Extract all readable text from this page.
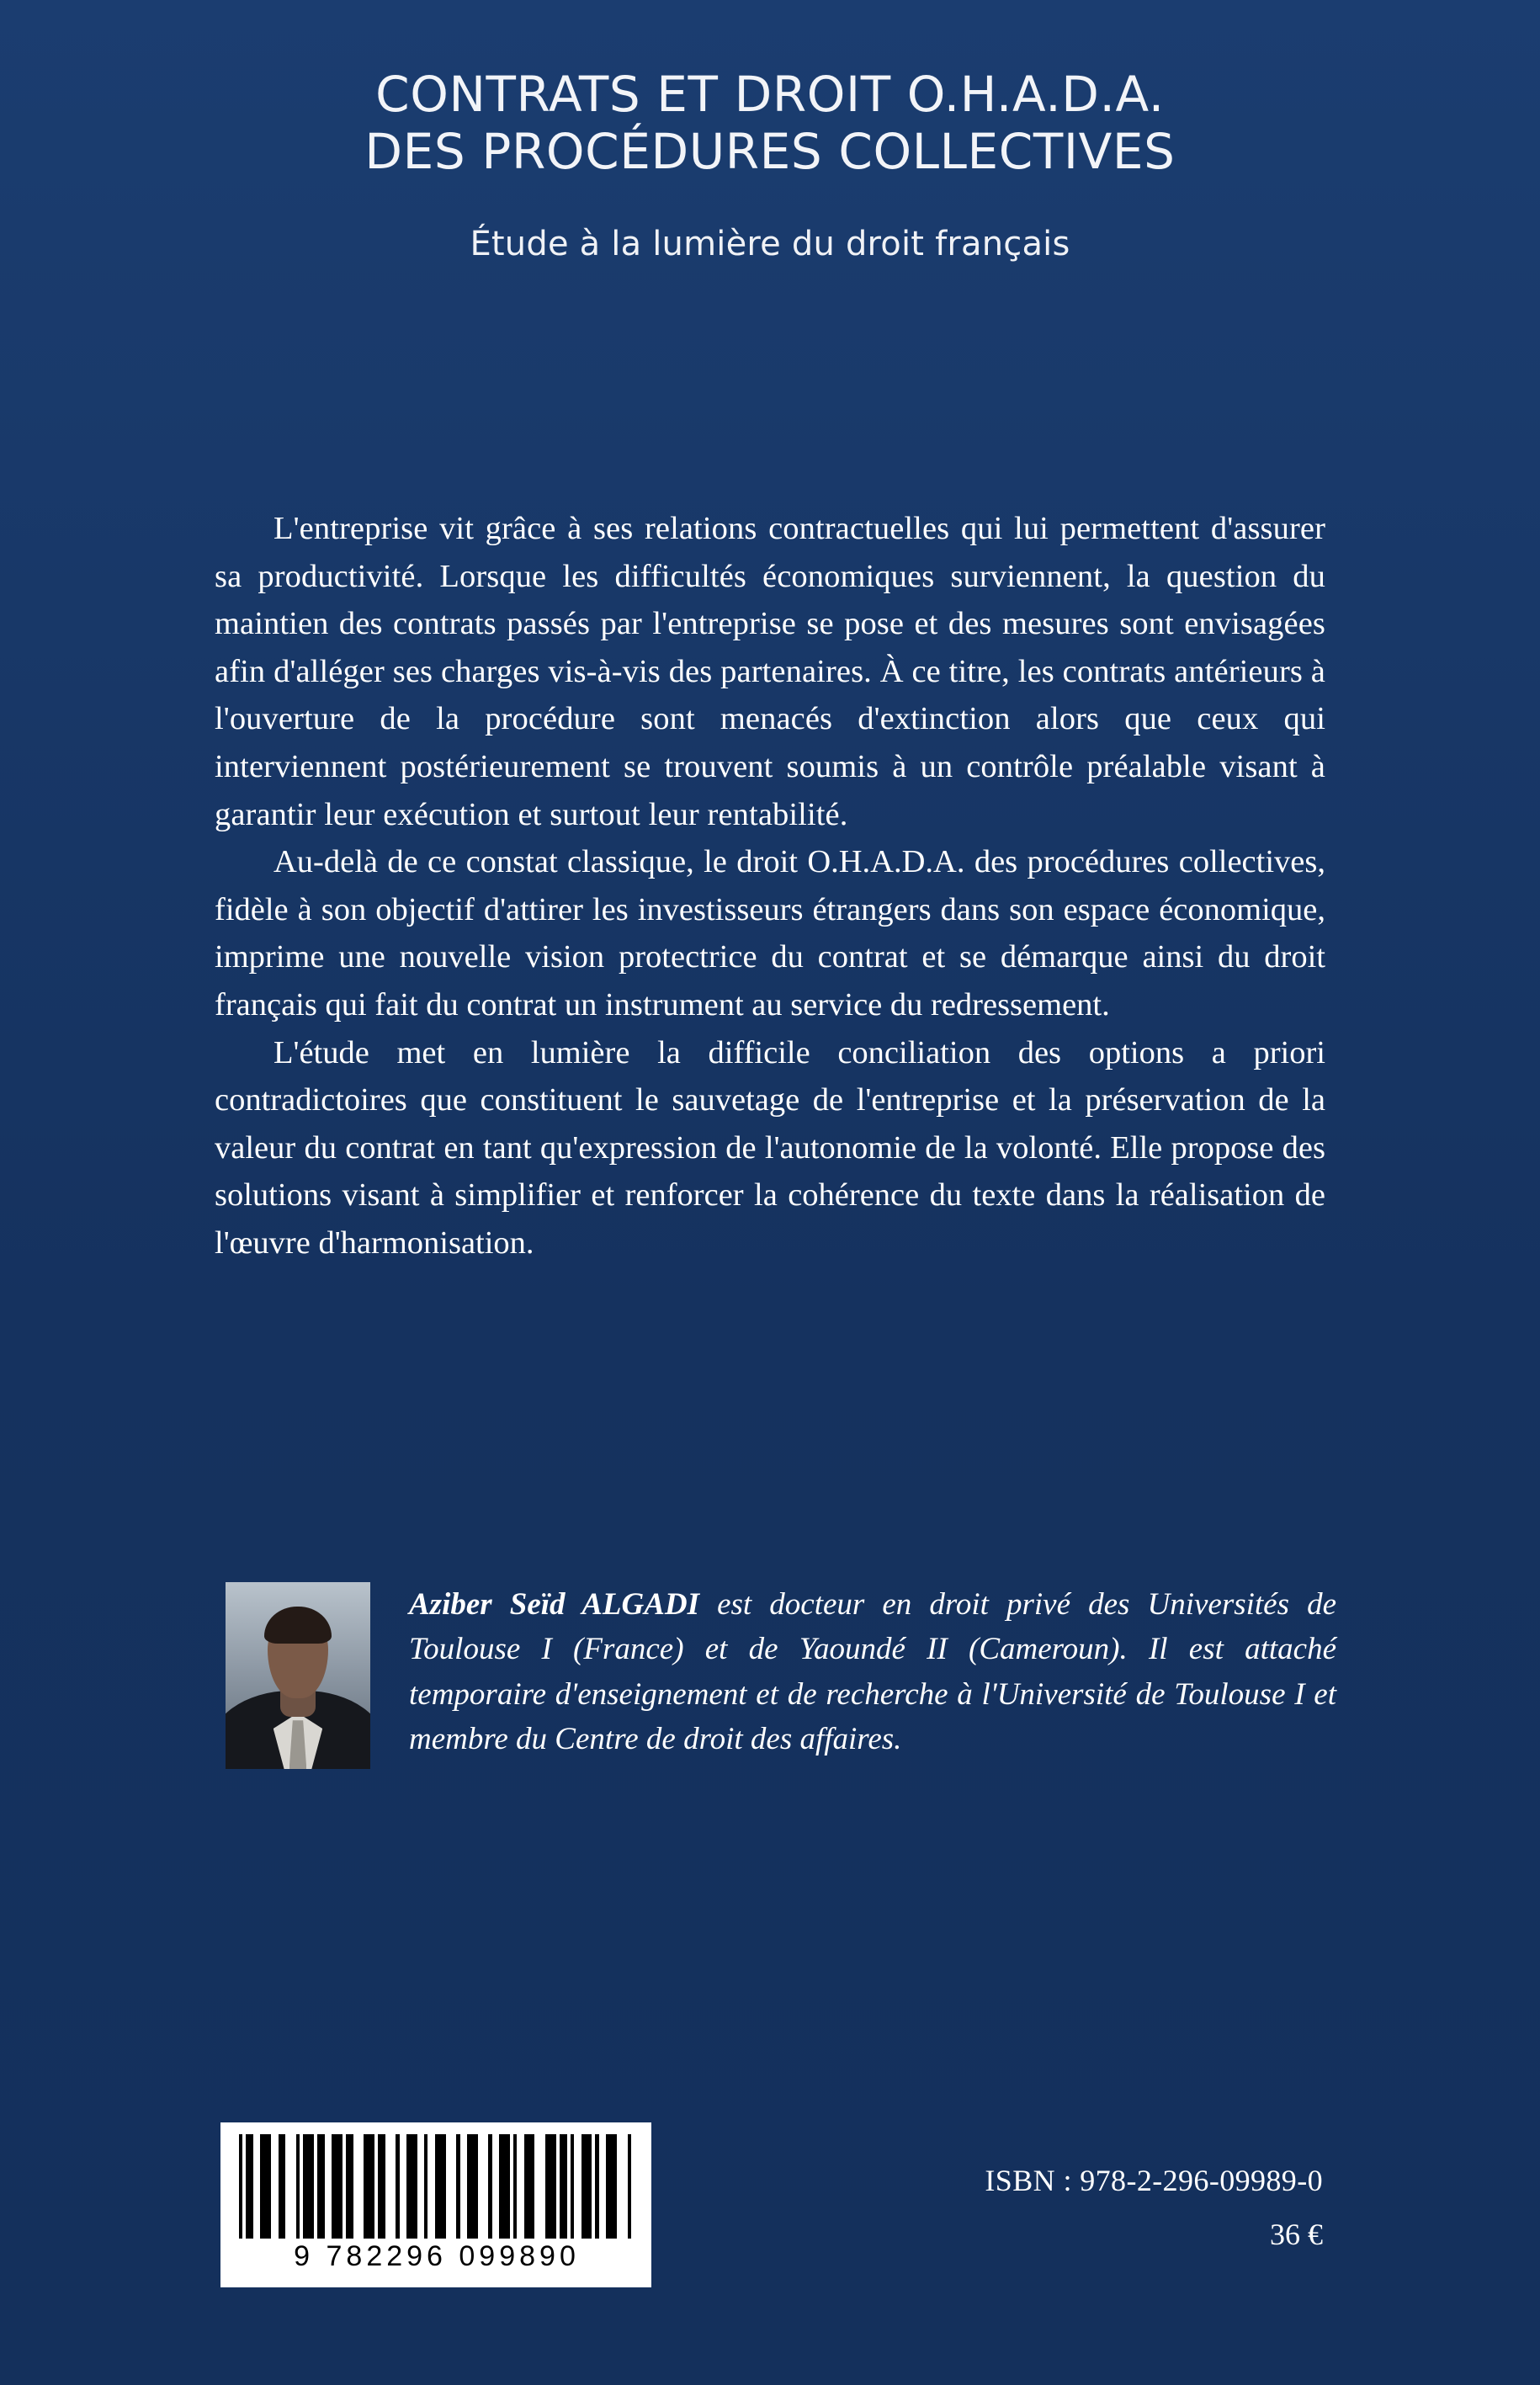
CONTRATS ET DROIT O.H.A.D.A.
DES PROCÉDURES COLLECTIVES
Étude à la lumière du droit français

L'entreprise vit grâce à ses relations contractuelles qui lui permettent d'assurer sa productivité. Lorsque les difficultés économiques surviennent, la question du maintien des contrats passés par l'entreprise se pose et des mesures sont envisagées afin d'alléger ses charges vis-à-vis des partenaires. À ce titre, les contrats antérieurs à l'ouverture de la procédure sont menacés d'extinction alors que ceux qui interviennent postérieurement se trouvent soumis à un contrôle préalable visant à garantir leur exécution et surtout leur rentabilité.

Au-delà de ce constat classique, le droit O.H.A.D.A. des procédures collectives, fidèle à son objectif d'attirer les investisseurs étrangers dans son espace économique, imprime une nouvelle vision protectrice du contrat et se démarque ainsi du droit français qui fait du contrat un instrument au service du redressement.

L'étude met en lumière la difficile conciliation des options a priori contradictoires que constituent le sauvetage de l'entreprise et la préservation de la valeur du contrat en tant qu'expression de l'autonomie de la volonté. Elle propose des solutions visant à simplifier et renforcer la cohérence du texte dans la réalisation de l'œuvre d'harmonisation.

Aziber Seïd ALGADI est docteur en droit privé des Universités de Toulouse I (France) et de Yaoundé II (Cameroun). Il est attaché temporaire d'enseignement et de recherche à l'Université de Toulouse I et membre du Centre de droit des affaires.
9 782296 099890
ISBN : 978-2-296-09989-0
36 €
